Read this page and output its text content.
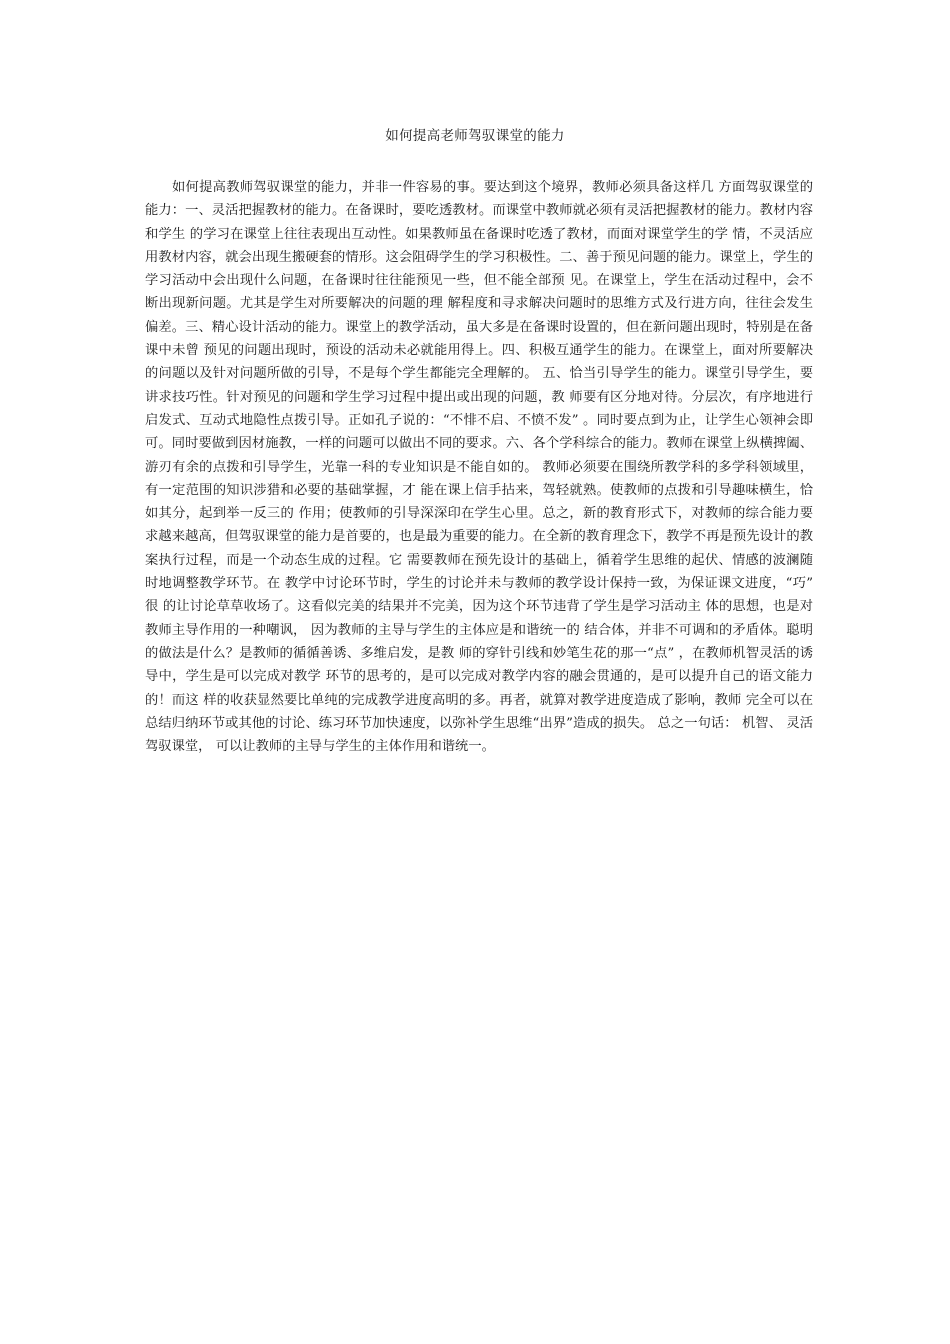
如何提高老师驾驭课堂的能力

如何提高教师驾驭课堂的能力，并非一件容易的事。要达到这个境界，教师必须具备这样几 方面驾驭课堂的能力：一、灵活把握教材的能力。在备课时，要吃透教材。而课堂中教师就必须有灵活把握教材的能力。教材内容和学生 的学习在课堂上往往表现出互动性。如果教师虽在备课时吃透了教材，而面对课堂学生的学 情，不灵活应用教材内容，就会出现生搬硬套的情形。这会阻碍学生的学习积极性。二、善于预见问题的能力。课堂上，学生的学习活动中会出现什么问题，在备课时往往能预见一些，但不能全部预 见。在课堂上，学生在活动过程中，会不断出现新问题。尤其是学生对所要解决的问题的理 解程度和寻求解决问题时的思维方式及行进方向，往往会发生偏差。三、精心设计活动的能力。课堂上的教学活动，虽大多是在备课时设置的，但在新问题出现时，特别是在备课中未曾 预见的问题出现时，预设的活动未必就能用得上。四、积极互通学生的能力。在课堂上，面对所要解决的问题以及针对问题所做的引导，不是每个学生都能完全理解的。 五、恰当引导学生的能力。课堂引导学生，要讲求技巧性。针对预见的问题和学生学习过程中提出或出现的问题，教 师要有区分地对待。分层次，有序地进行启发式、互动式地隐性点拨引导。正如孔子说的：“不悱不启、不愤不发” 。同时要点到为止，让学生心领神会即可。同时要做到因材施教，一样的问题可以做出不同的要求。六、各个学科综合的能力。教师在课堂上纵横捭阖、游刃有余的点拨和引导学生，光靠一科的专业知识是不能自如的。 教师必须要在围绕所教学科的多学科领域里， 有一定范围的知识涉猎和必要的基础掌握，才 能在课上信手拈来，驾轻就熟。使教师的点拨和引导趣味横生，恰如其分，起到举一反三的 作用；使教师的引导深深印在学生心里。总之，新的教育形式下，对教师的综合能力要求越来越高，但驾驭课堂的能力是首要的，也是最为重要的能力。在全新的教育理念下，教学不再是预先设计的教案执行过程，而是一个动态生成的过程。它 需要教师在预先设计的基础上，循着学生思维的起伏、情感的波澜随时地调整教学环节。在 教学中讨论环节时，学生的讨论并未与教师的教学设计保持一致，为保证课文进度，“巧” 很 的让讨论草草收场了。这看似完美的结果并不完美，因为这个环节违背了学生是学习活动主 体的思想，也是对教师主导作用的一种嘲讽， 因为教师的主导与学生的主体应是和谐统一的 结合体，并非不可调和的矛盾体。聪明的做法是什么？是教师的循循善诱、多维启发，是教 师的穿针引线和妙笔生花的那一“点” ，在教师机智灵活的诱导中，学生是可以完成对教学 环节的思考的，是可以完成对教学内容的融会贯通的，是可以提升自己的语文能力的！而这 样的收获显然要比单纯的完成教学进度高明的多。再者，就算对教学进度造成了影响，教师 完全可以在总结归纳环节或其他的讨论、练习环节加快速度，以弥补学生思维“出界”造成的损失。 总之一句话： 机智、 灵活驾驭课堂， 可以让教师的主导与学生的主体作用和谐统一。
